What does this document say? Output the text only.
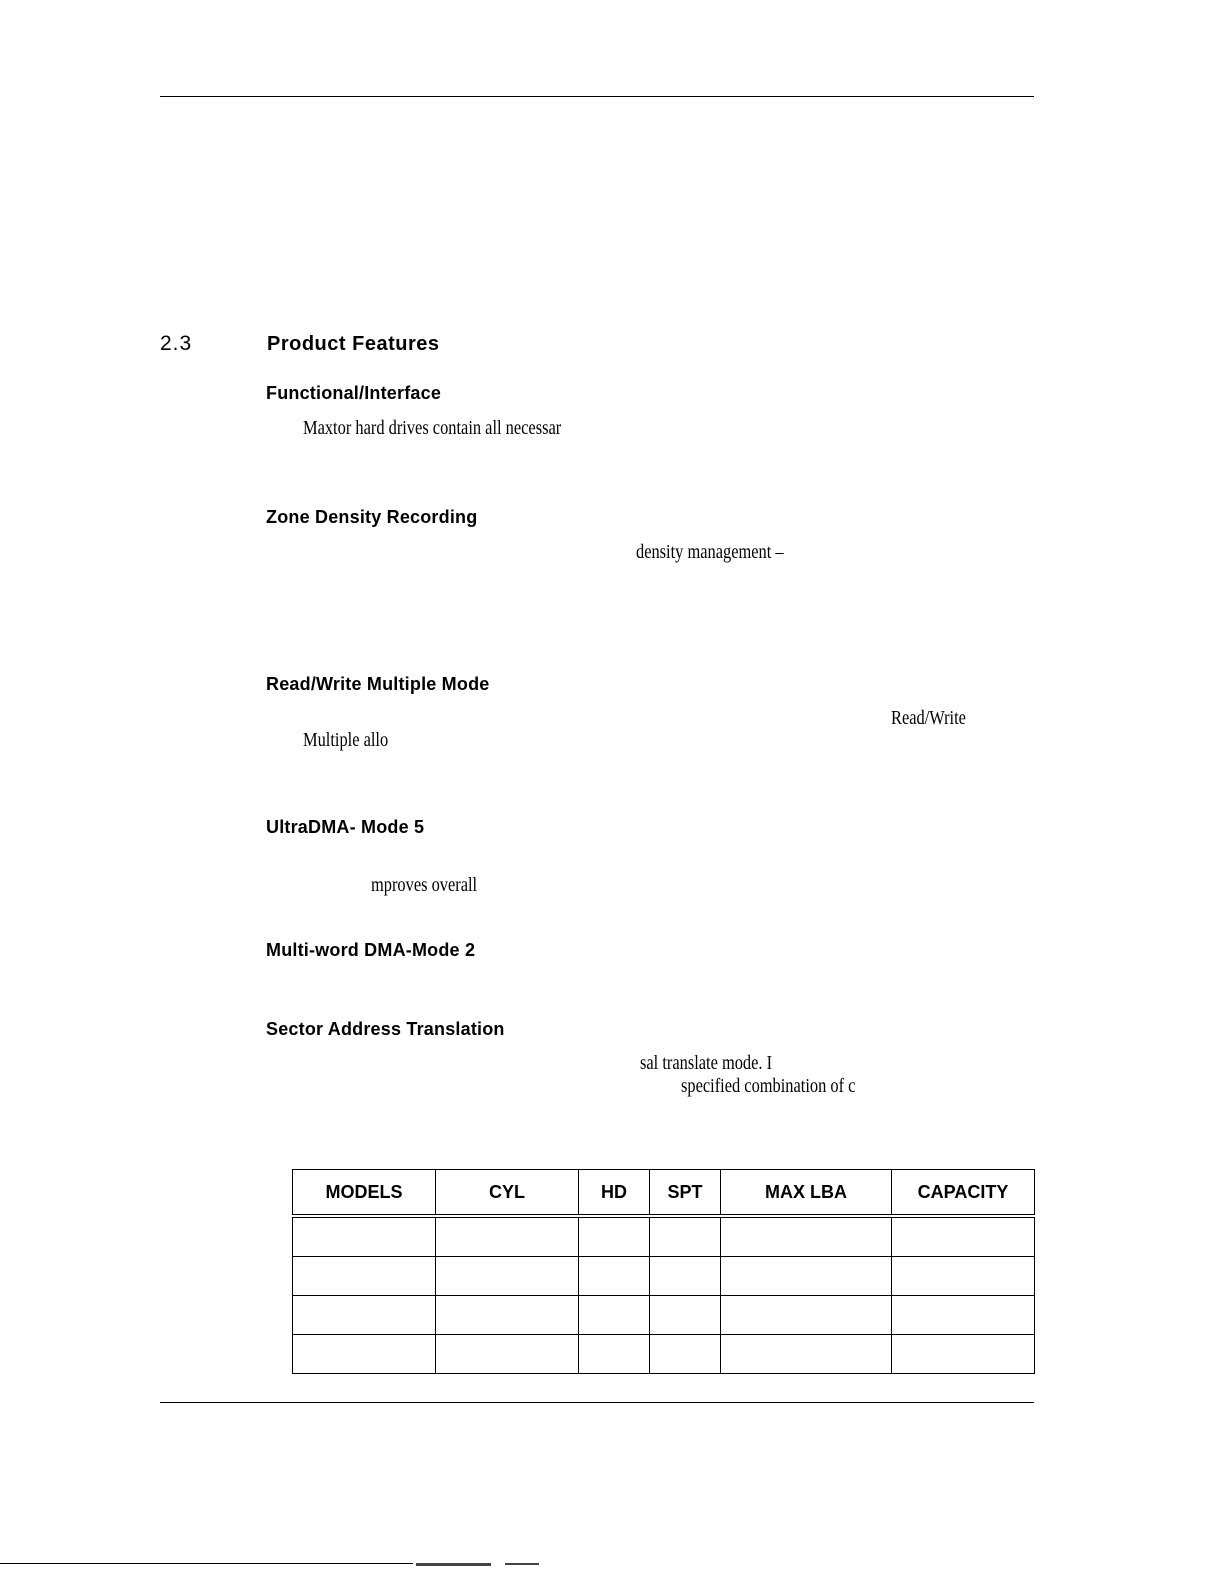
2.3	Product Features
Functional/Interface
Maxtor hard drives contain all necessar
Zone Density Recording
density management –
Read/Write Multiple Mode
Read/Write
Multiple allo
UltraDMA- Mode 5
mproves overall
Multi-word DMA-Mode 2
Sector Address Translation
sal translate mode. I
specified combination of c
MODELS	CYL	HD	SPT	MAX LBA	CAPACITY
